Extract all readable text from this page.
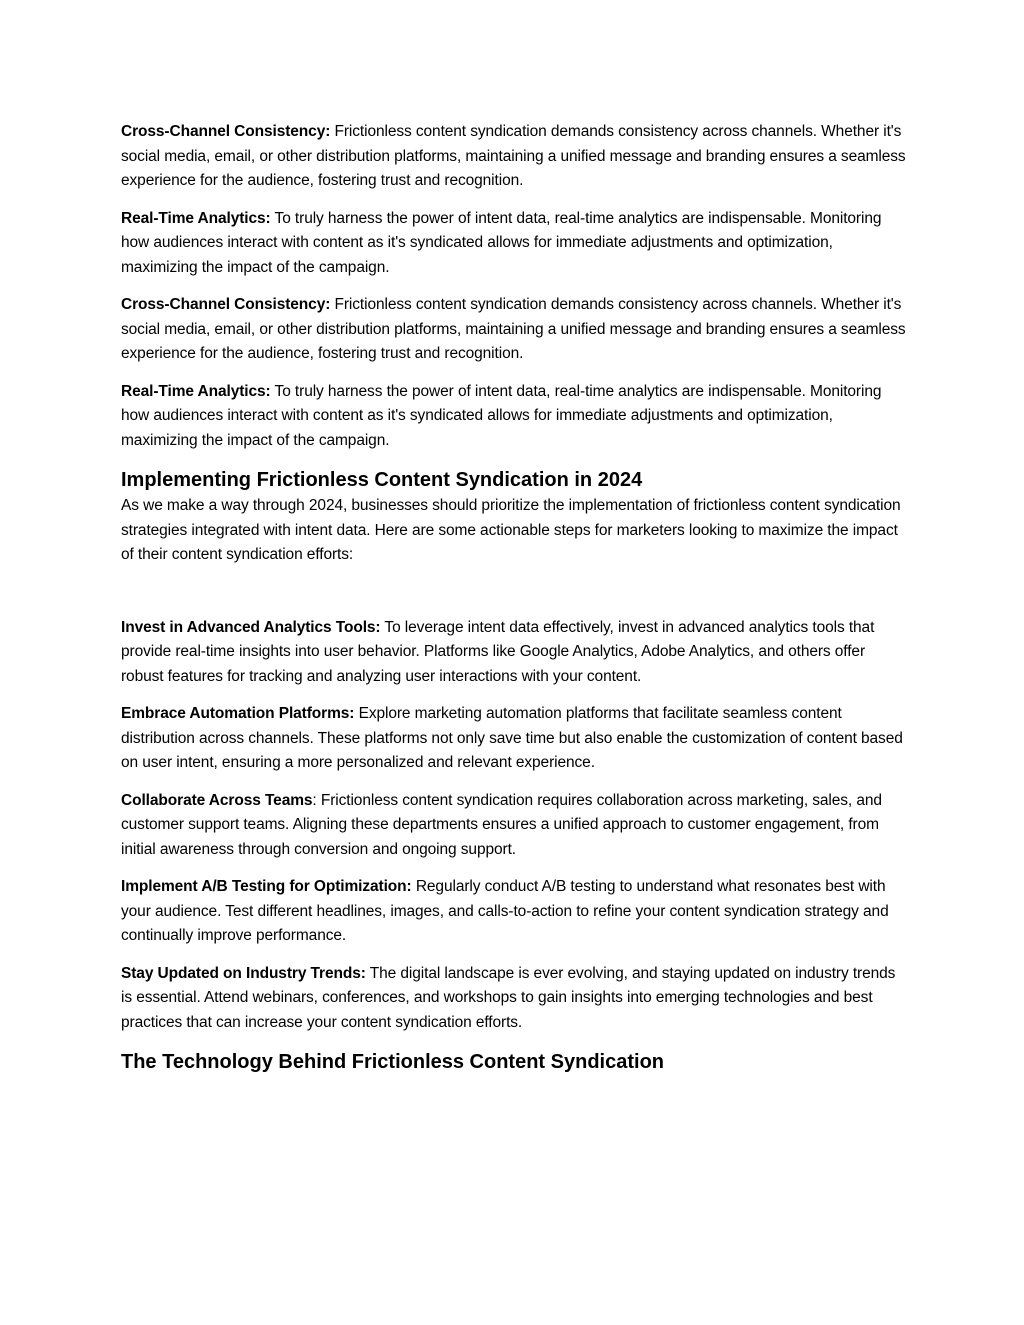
Cross-Channel Consistency: Frictionless content syndication demands consistency across channels. Whether it's social media, email, or other distribution platforms, maintaining a unified message and branding ensures a seamless experience for the audience, fostering trust and recognition.

Real-Time Analytics: To truly harness the power of intent data, real-time analytics are indispensable. Monitoring how audiences interact with content as it's syndicated allows for immediate adjustments and optimization, maximizing the impact of the campaign.

Cross-Channel Consistency: Frictionless content syndication demands consistency across channels. Whether it's social media, email, or other distribution platforms, maintaining a unified message and branding ensures a seamless experience for the audience, fostering trust and recognition.

Real-Time Analytics: To truly harness the power of intent data, real-time analytics are indispensable. Monitoring how audiences interact with content as it's syndicated allows for immediate adjustments and optimization, maximizing the impact of the campaign.

Implementing Frictionless Content Syndication in 2024

As we make a way through 2024, businesses should prioritize the implementation of frictionless content syndication strategies integrated with intent data. Here are some actionable steps for marketers looking to maximize the impact of their content syndication efforts:

Invest in Advanced Analytics Tools: To leverage intent data effectively, invest in advanced analytics tools that provide real-time insights into user behavior. Platforms like Google Analytics, Adobe Analytics, and others offer robust features for tracking and analyzing user interactions with your content.

Embrace Automation Platforms: Explore marketing automation platforms that facilitate seamless content distribution across channels. These platforms not only save time but also enable the customization of content based on user intent, ensuring a more personalized and relevant experience.

Collaborate Across Teams: Frictionless content syndication requires collaboration across marketing, sales, and customer support teams. Aligning these departments ensures a unified approach to customer engagement, from initial awareness through conversion and ongoing support.

Implement A/B Testing for Optimization: Regularly conduct A/B testing to understand what resonates best with your audience. Test different headlines, images, and calls-to-action to refine your content syndication strategy and continually improve performance.

Stay Updated on Industry Trends: The digital landscape is ever evolving, and staying updated on industry trends is essential. Attend webinars, conferences, and workshops to gain insights into emerging technologies and best practices that can increase your content syndication efforts.

The Technology Behind Frictionless Content Syndication
